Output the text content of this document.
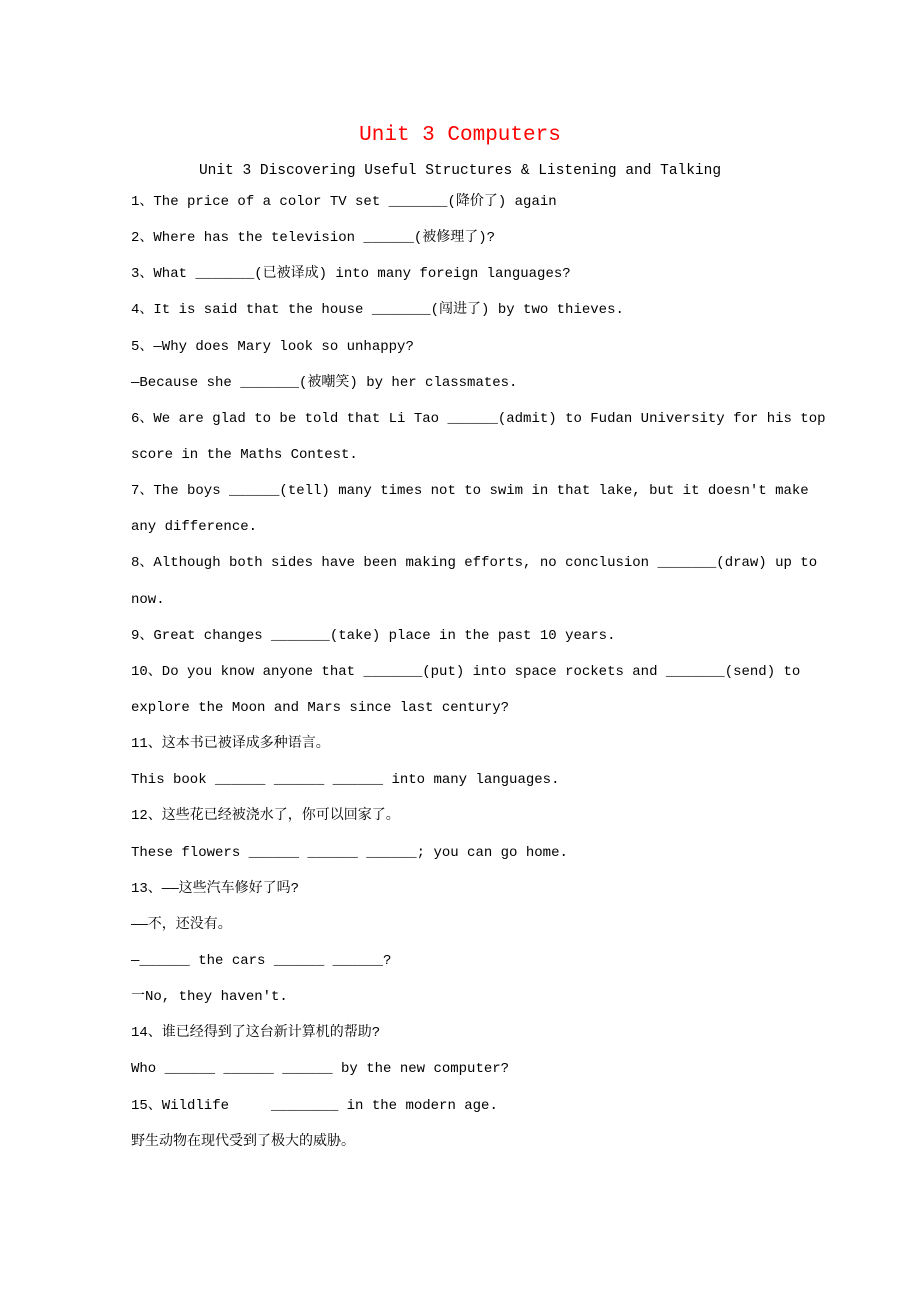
Unit 3 Computers
Unit 3 Discovering Useful Structures & Listening and Talking
1、The price of a color TV set _______(降价了) again
2、Where has the television ______(被修理了)?
3、What _______(已被译成) into many foreign languages?
4、It is said that the house _______(闯进了) by two thieves.
5、—Why does Mary look so unhappy?
—Because she _______(被嘲笑) by her classmates.
6、We are glad to be told that Li Tao ______(admit) to Fudan University for his top
score in the Maths Contest.
7、The boys ______(tell) many times not to swim in that lake, but it doesn't make
any difference.
8、Although both sides have been making efforts, no conclusion _______(draw) up to
now.
9、Great changes _______(take) place in the past 10 years.
10、Do you know anyone that _______(put) into space rockets and _______(send) to
explore the Moon and Mars since last century?
11、这本书已被译成多种语言。
This book ______ ______ ______ into many languages.
12、这些花已经被浇水了，你可以回家了。
These flowers ______ ______ ______; you can go home.
13、——这些汽车修好了吗?
——不，还没有。
—______ the cars ______ ______?
一No, they haven't.
14、谁已经得到了这台新计算机的帮助?
Who ______ ______ ______ by the new computer?
15、Wildlife     ________ in the modern age.
野生动物在现代受到了极大的威胁。
